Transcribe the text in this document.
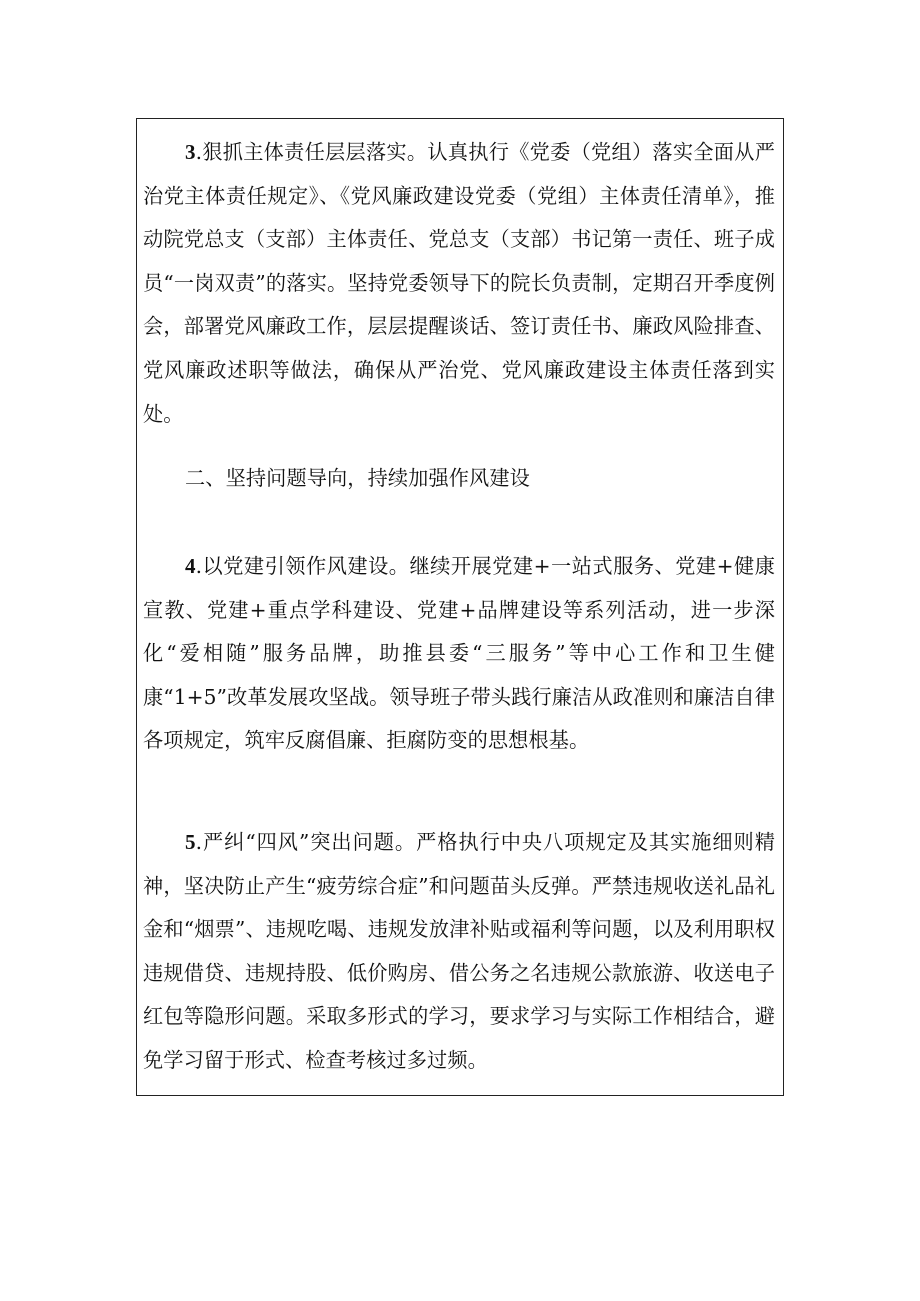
3.狠抓主体责任层层落实。认真执行《党委（党组）落实全面从严治党主体责任规定》、《党风廉政建设党委（党组）主体责任清单》，推动院党总支（支部）主体责任、党总支（支部）书记第一责任、班子成员“一岗双责”的落实。坚持党委领导下的院长负责制，定期召开季度例会，部署党风廉政工作，层层提醒谈话、签订责任书、廉政风险排查、党风廉政述职等做法，确保从严治党、党风廉政建设主体责任落到实处。

二、坚持问题导向，持续加强作风建设

4.以党建引领作风建设。继续开展党建+一站式服务、党建+健康宣教、党建+重点学科建设、党建+品牌建设等系列活动，进一步深化“爱相随”服务品牌，助推县委“三服务”等中心工作和卫生健康“1+5”改革发展攻坚战。领导班子带头践行廉洁从政准则和廉洁自律各项规定，筑牢反腐倡廉、拒腐防变的思想根基。

5.严纠“四风”突出问题。严格执行中央八项规定及其实施细则精神，坚决防止产生“疲劳综合症”和问题苗头反弹。严禁违规收送礼品礼金和“烟票”、违规吃喝、违规发放津补贴或福利等问题，以及利用职权违规借贷、违规持股、低价购房、借公务之名违规公款旅游、收送电子红包等隐形问题。采取多形式的学习，要求学习与实际工作相结合，避免学习留于形式、检查考核过多过频。
